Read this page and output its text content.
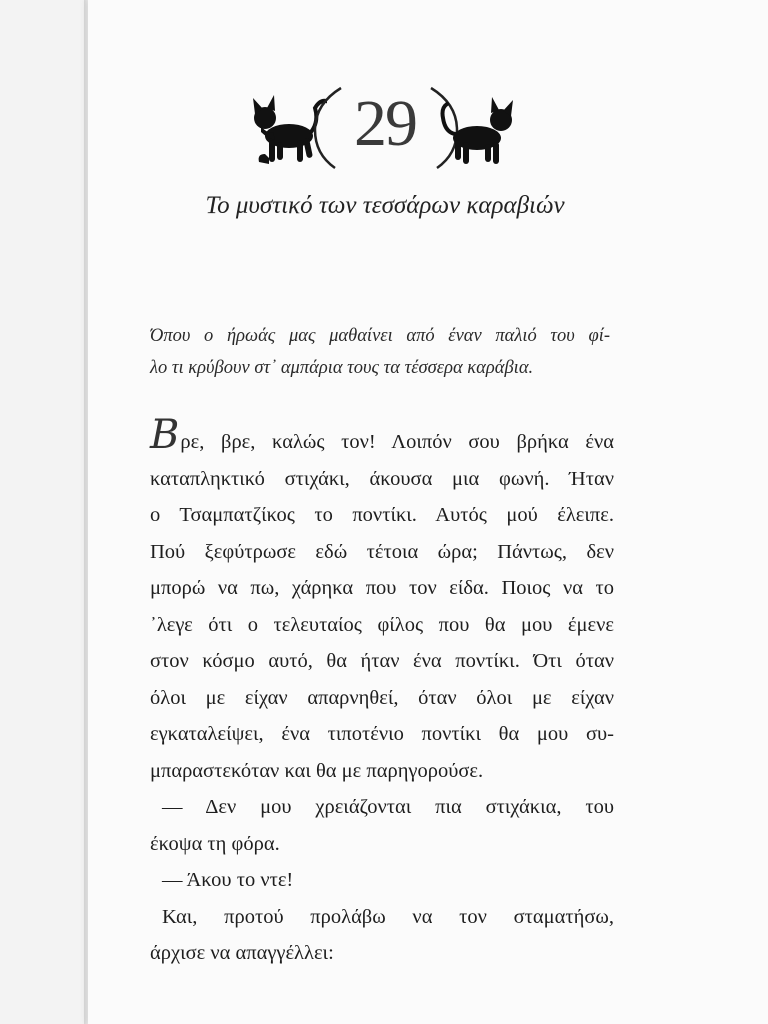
29
Το μυστικό των τεσσάρων καραβιών
Όπου ο ήρωάς μας μαθαίνει από έναν παλιό του φί-
λο τι κρύβουν στ᾽ αμπάρια τους τα τέσσερα καράβια.
Βρε, βρε, καλώς τον! Λοιπόν σου βρήκα ένα
καταπληκτικό στιχάκι, άκουσα μια φωνή. Ήταν
ο Τσαμπατζίκος το ποντίκι. Αυτός μού έλειπε.
Πού ξεφύτρωσε εδώ τέτοια ώρα; Πάντως, δεν
μπορώ να πω, χάρηκα που τον είδα. Ποιος να το
᾽λεγε ότι ο τελευταίος φίλος που θα μου έμενε
στον κόσμο αυτό, θα ήταν ένα ποντίκι. Ότι όταν
όλοι με είχαν απαρνηθεί, όταν όλοι με είχαν
εγκαταλείψει, ένα τιποτένιο ποντίκι θα μου συ-
μπαραστεκόταν και θα με παρηγορούσε.
— Δεν μου χρειάζονται πια στιχάκια, του
έκοψα τη φόρα.
— Άκου το ντε!
Και, προτού προλάβω να τον σταματήσω,
άρχισε να απαγγέλλει:
